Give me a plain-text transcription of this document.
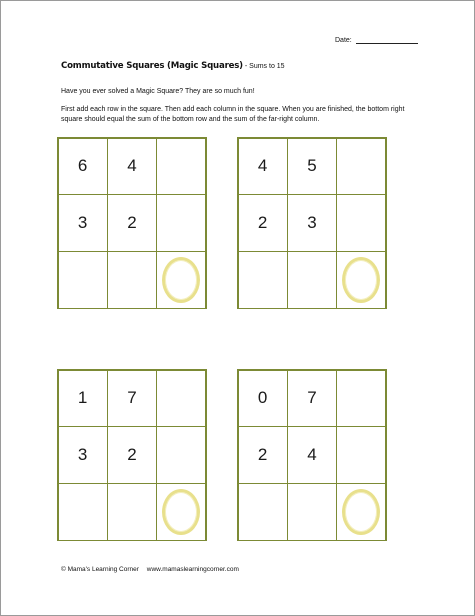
Date:
Commutative Squares (Magic Squares) - Sums to 15
Have you ever solved a Magic Square? They are so much fun!
First add each row in the square. Then add each column in the square. When you are finished, the bottom right square should equal the sum of the bottom row and the sum of the far-right column.
6	4
3	2
4	5
2	3
1	7
3	2
0	7
2	4
© Mama's Learning Corner www.mamaslearningcorner.com
